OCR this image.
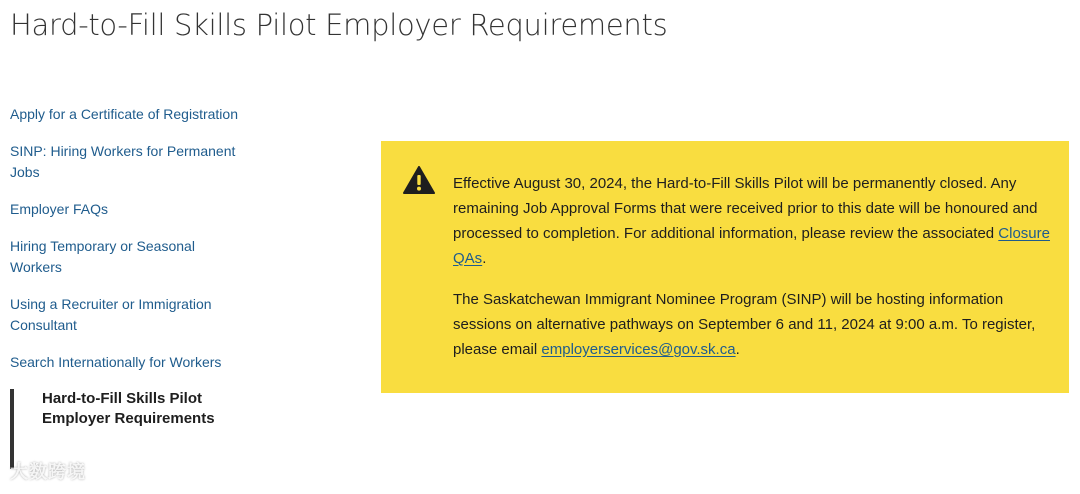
Hard-to-Fill Skills Pilot Employer Requirements
Apply for a Certificate of Registration
SINP: Hiring Workers for Permanent Jobs
Employer FAQs
Hiring Temporary or Seasonal Workers
Using a Recruiter or Immigration Consultant
Search Internationally for Workers
Hard-to-Fill Skills Pilot Employer Requirements

Effective August 30, 2024, the Hard-to-Fill Skills Pilot will be permanently closed. Any remaining Job Approval Forms that were received prior to this date will be honoured and processed to completion. For additional information, please review the associated Closure QAs.

The Saskatchewan Immigrant Nominee Program (SINP) will be hosting information sessions on alternative pathways on September 6 and 11, 2024 at 9:00 a.m. To register, please email employerservices@gov.sk.ca.

大数跨境
